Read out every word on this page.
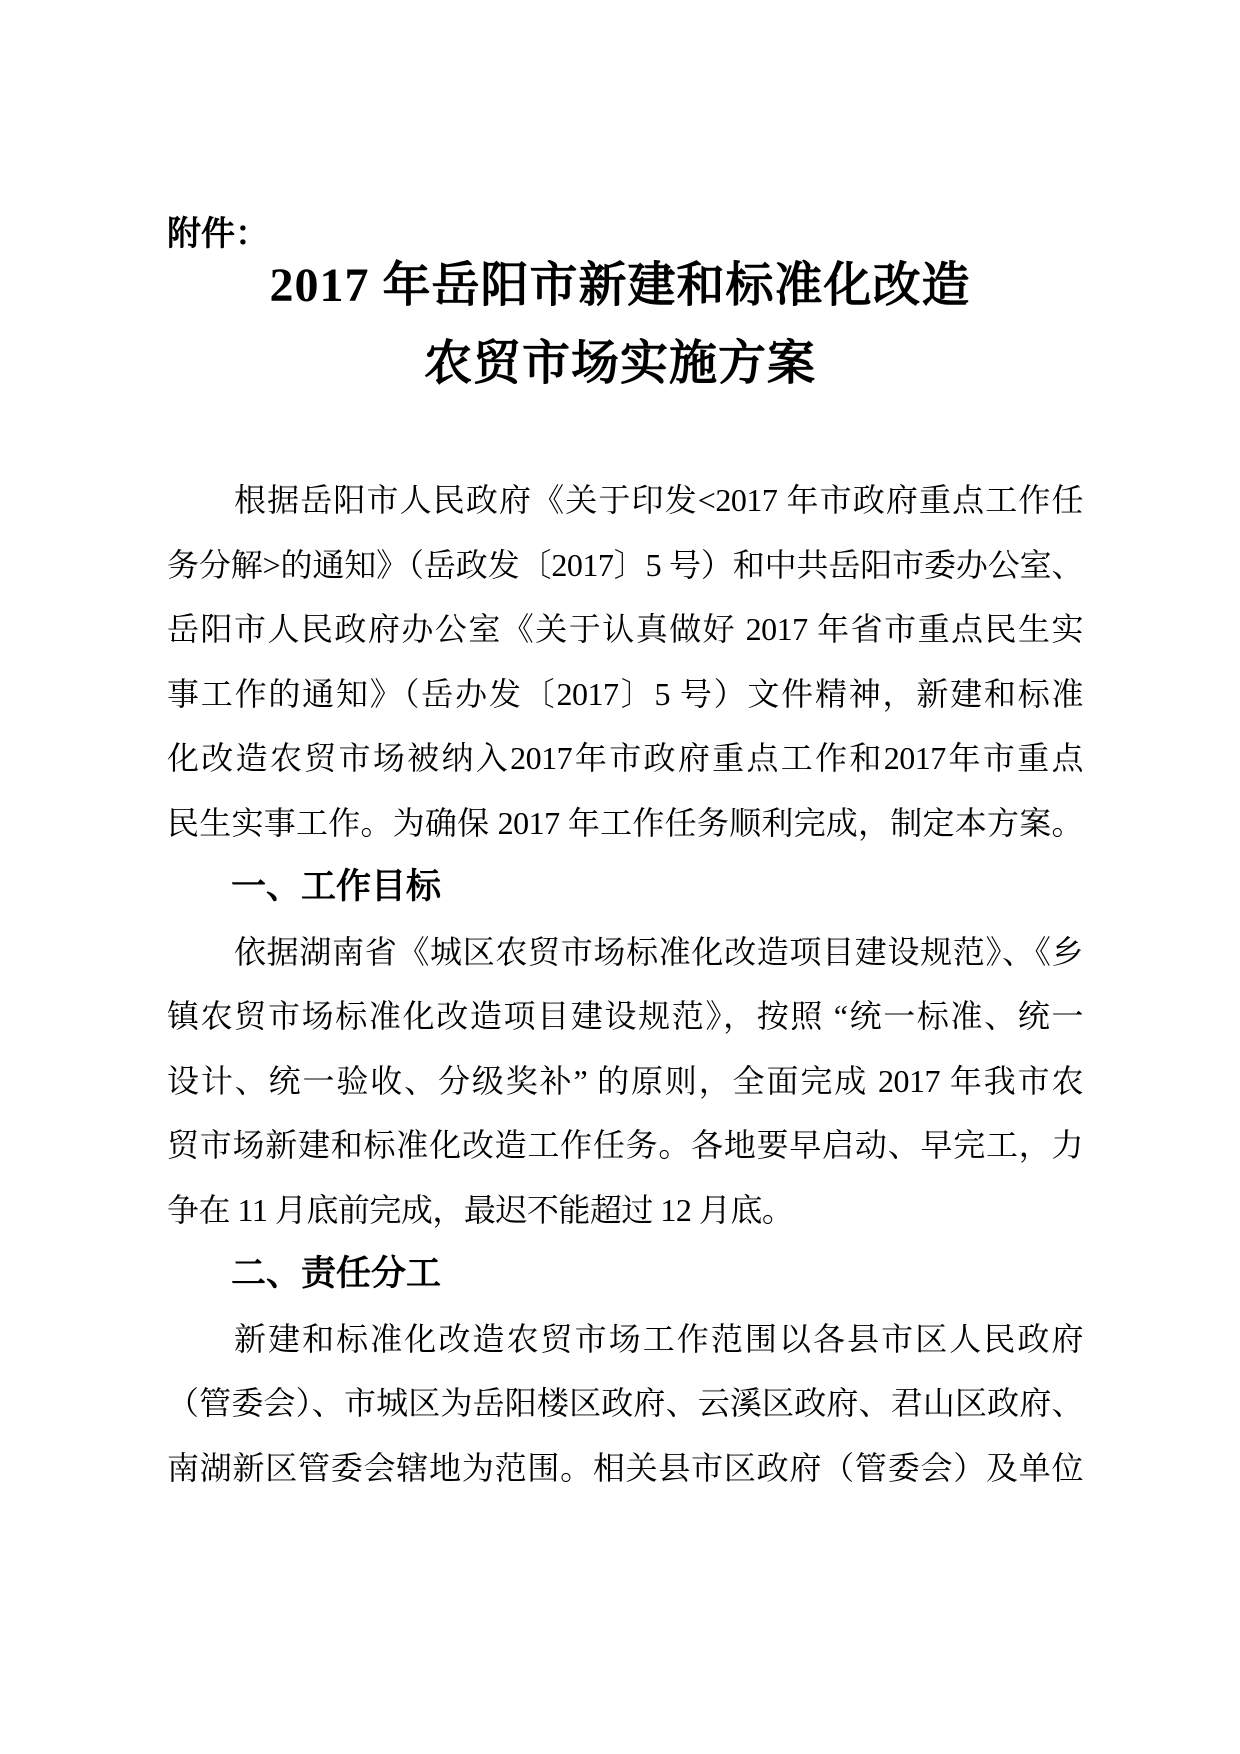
附件：
2017 年岳阳市新建和标准化改造
农贸市场实施方案
根据岳阳市人民政府《关于印发<2017 年市政府重点工作任
务分解>的通知》（岳政发〔2017〕5 号）和中共岳阳市委办公室、
岳阳市人民政府办公室《关于认真做好 2017 年省市重点民生实
事工作的通知》（岳办发〔2017〕5 号）文件精神，新建和标准
化改造农贸市场被纳入2017年市政府重点工作和2017年市重点
民生实事工作。为确保 2017 年工作任务顺利完成，制定本方案。
一、工作目标
依据湖南省《城区农贸市场标准化改造项目建设规范》、《乡
镇农贸市场标准化改造项目建设规范》，按照 “统一标准、统一
设计、统一验收、分级奖补” 的原则，全面完成 2017 年我市农
贸市场新建和标准化改造工作任务。各地要早启动、早完工，力
争在 11 月底前完成，最迟不能超过 12 月底。
二、责任分工
新建和标准化改造农贸市场工作范围以各县市区人民政府
（管委会）、市城区为岳阳楼区政府、云溪区政府、君山区政府、
南湖新区管委会辖地为范围。相关县市区政府（管委会）及单位
